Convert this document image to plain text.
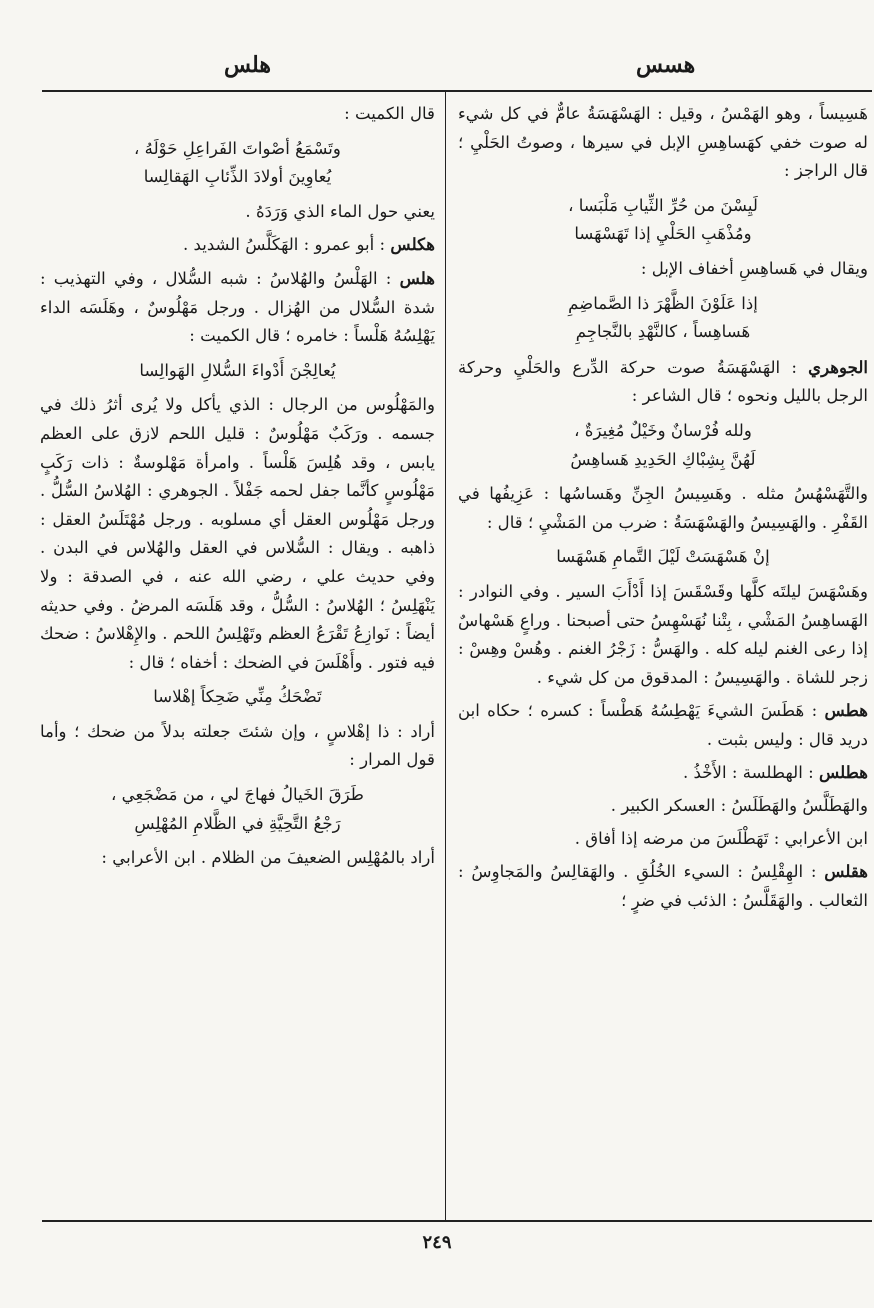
هلس	هسس

هَسِيساً ، وهو الهَمْسُ ، وقيل : الهَسْهَسَةُ عامٌّ في كل شيء له صوت خفي كهَساهِسِ الإبل في سيرها ، وصوتُ الحَلْيِ ؛ قال الراجز :

لَيِسْنَ من حُرِّ الثِّيابِ مَلْبَسا ،
ومُذْهَبِ الحَلْيِ إذا تَهَسْهَسا

ويقال في هَساهِسِ أخفاف الإبل :

إذا عَلَوْنَ الظَّهْرَ ذا الصَّماضِمِ
هَساهِساً ، كالنَّهْدِ بالنَّجاجِمِ

الجوهري : الهَسْهَسَةُ صوت حركة الدِّرع والحَلْيِ وحركة الرجل بالليل ونحوه ؛ قال الشاعر :

ولله فُرْسانٌ وخَيْلٌ مُغِيرَةٌ ،
لَهُنَّ بِشِبْاكِ الحَدِيدِ هَساهِسُ

والتَّهَسْهُسُ مثله . وهَسِيسُ الجِنِّ وهَساسُها : عَزِيفُها في القَفْرِ . والهَسِيسُ والهَسْهَسَةُ : ضرب من المَشْيِ ؛ قال :

إنْ هَسْهَسَتْ لَيْلَ التَّمامِ هَسْهَسا

وهَسْهَسَ ليلتَه كلَّها وقَسْقَسَ إذا أَدْأَبَ السير . وفي النوادر : الهَساهِسُ المَشْي ، بِتْنا نُهَسْهِسُ حتى أصبحنا . وراعٍ هَسْهاسٌ إذا رعى الغنم ليله كله . والهَسُّ : زَجْرُ الغنم . وهُسْ وهِسْ : زجر للشاة . والهَسِيسُ : المدقوق من كل شيء .

هطس : هَطَسَ الشيءَ يَهْطِسُهُ هَطْساً : كسره ؛ حكاه ابن دريد قال : وليس بثبت .

هطلس : الهطلسة : الأَخْذُ .

والهَطَلَّسُ والهَطَلَسُ : العسكر الكبير .

ابن الأعرابي : تَهَطْلَسَ من مرضه إذا أفاق .

هقلس : الهِقْلِسُ : السيء الخُلُقِ . والهَقالِسُ والمَجاوِسُ : الثعالب . والهَقَلَّسُ : الذئب في ضرٍ ؛

قال الكميت :

وتَسْمَعُ أصْواتَ الفَراعِلِ حَوْلَهُ ،
يُعاوِينَ أولادَ الذِّئابِ الهَقالِسا

يعني حول الماء الذي وَرَدَهُ .

هكلس : أبو عمرو : الهَكَلَّسُ الشديد .

هلس : الهَلْسُ والهُلاسُ : شبه السُّلال ، وفي التهذيب : شدة السُّلال من الهُزال . ورجل مَهْلُوسٌ ، وهَلَسَه الداء يَهْلِسُهُ هَلْساً : خامره ؛ قال الكميت :

يُعالِجْنَ أَدْواءَ السُّلالِ الهَوالِسا

والمَهْلُوس من الرجال : الذي يأكل ولا يُرى أثرُ ذلك في جسمه . ورَكَبٌ مَهْلُوسٌ : قليل اللحم لازق على العظم يابس ، وقد هُلِسَ هَلْساً . وامرأة مَهْلوسةٌ : ذات رَكَبٍ مَهْلُوسٍ كأنَّما جفل لحمه جَفْلاً . الجوهري : الهُلاسُ السُّلُّ . ورجل مَهْلُوس العقل أي مسلوبه . ورجل مُهْتَلَسُ العقل : ذاهبه . ويقال : السُّلاس في العقل والهُلاس في البدن . وفي حديث علي ، رضي الله عنه ، في الصدقة : ولا يَنْهَلِسُ ؛ الهُلاسُ : السُّلُّ ، وقد هَلَسَه المرضُ . وفي حديثه أيضاً : نَوازِعُ تَقْرَعُ العظم وتَهْلِسُ اللحم . والإِهْلاسُ : ضحك فيه فتور . وأَهْلَسَ في الضحك : أخفاه ؛ قال :

تَضْحَكُ مِنِّي ضَحِكاً إهْلاسا

أراد : ذا إهْلاسٍ ، وإن شئتَ جعلته بدلاً من ضحك ؛ وأما قول المرار :

طَرَقَ الخَيالُ فهاجَ لي ، من مَضْجَعِي ،
رَجْعُ التَّحِيَّةِ في الظَّلامِ المُهْلِسِ

أراد بالمُهْلِس الضعيفَ من الظلام . ابن الأعرابي :

٢٤٩
